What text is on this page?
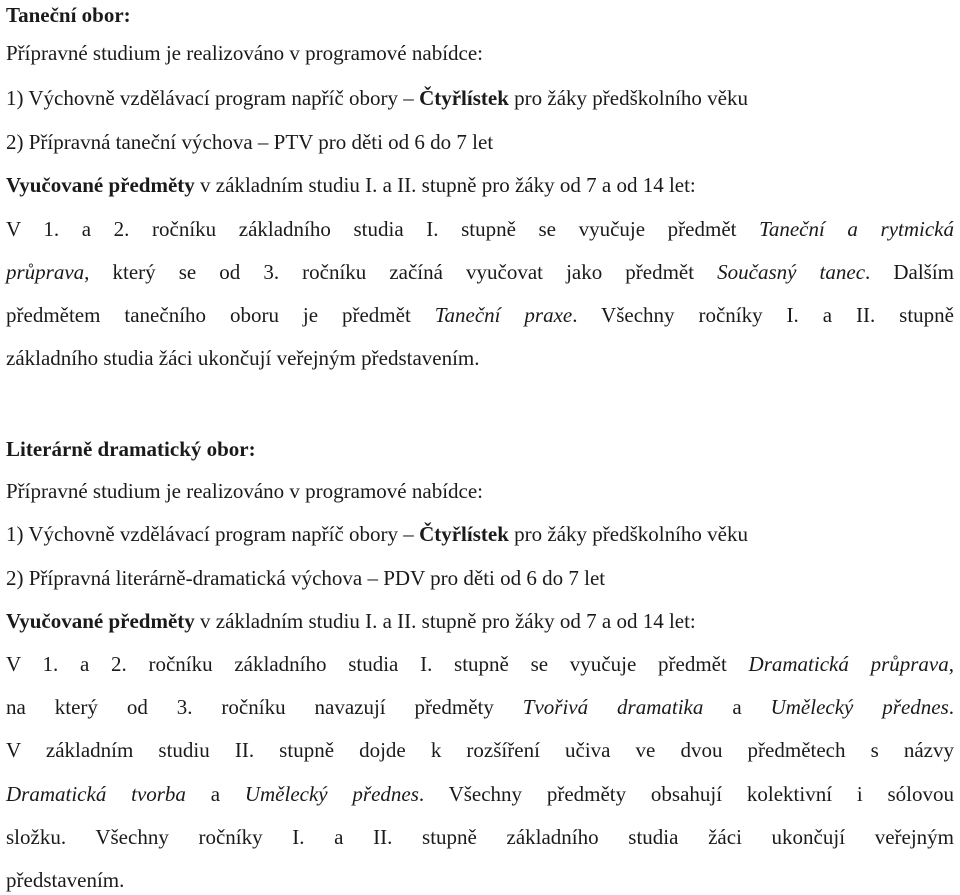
Taneční obor:
Přípravné studium je realizováno v programové nabídce:
1) Výchovně vzdělávací program napříč obory – Čtyřlístek pro žáky předškolního věku
2) Přípravná taneční výchova – PTV pro děti od 6 do 7 let
Vyučované předměty v základním studiu I. a II. stupně pro žáky od 7 a od 14 let:
V 1. a 2. ročníku základního studia I. stupně se vyučuje předmět Taneční a rytmická
průprava, který se od 3. ročníku začíná vyučovat jako předmět Současný tanec. Dalším
předmětem tanečního oboru je předmět Taneční praxe. Všechny ročníky I. a II. stupně
základního studia žáci ukončují veřejným představením.
Literárně dramatický obor:
Přípravné studium je realizováno v programové nabídce:
1) Výchovně vzdělávací program napříč obory – Čtyřlístek pro žáky předškolního věku
2) Přípravná literárně-dramatická výchova – PDV pro děti od 6 do 7 let
Vyučované předměty v základním studiu I. a II. stupně pro žáky od 7 a od 14 let:
V 1. a 2. ročníku základního studia I. stupně se vyučuje předmět Dramatická průprava,
na který od 3. ročníku navazují předměty Tvořivá dramatika a Umělecký přednes.
V základním studiu II. stupně dojde k rozšíření učiva ve dvou předmětech s názvy
Dramatická tvorba a Umělecký přednes. Všechny předměty obsahují kolektivní i sólovou
složku. Všechny ročníky I. a II. stupně základního studia žáci ukončují veřejným
představením.
